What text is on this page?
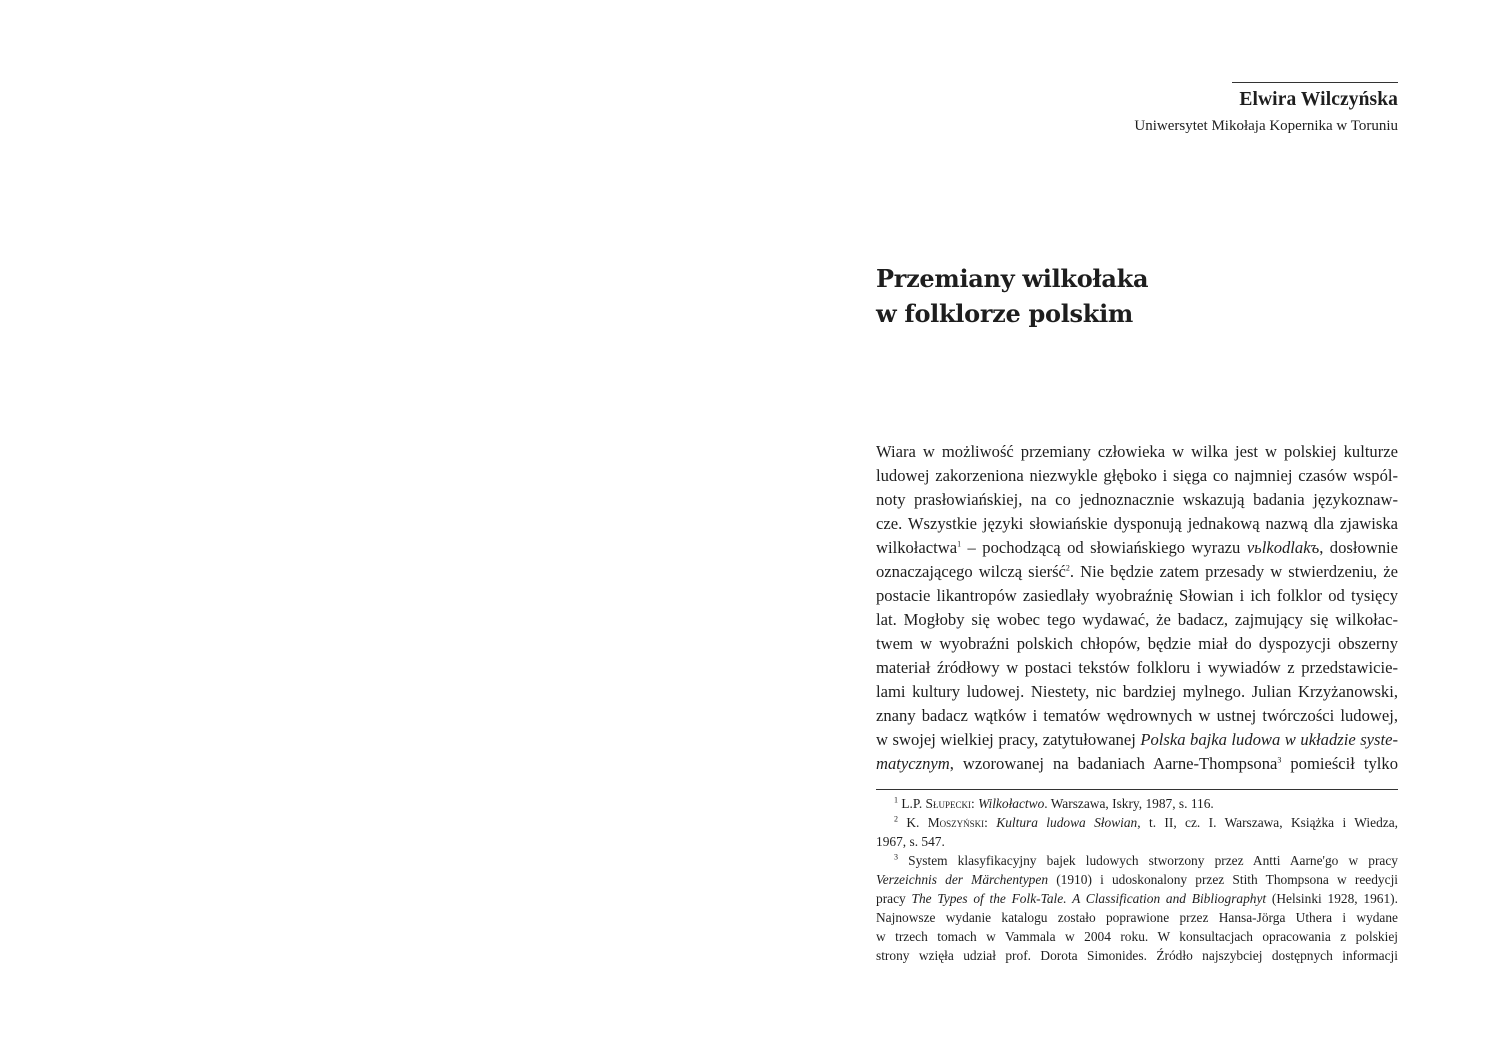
Elwira Wilczyńska
Uniwersytet Mikołaja Kopernika w Toruniu
Przemiany wilkołaka
w folklorze polskim
Wiara w możliwość przemiany człowieka w wilka jest w polskiej kulturze
ludowej zakorzeniona niezwykle głęboko i sięga co najmniej czasów wspól-
noty prasłowiańskiej, na co jednoznacznie wskazują badania językoznaw-
cze. Wszystkie języki słowiańskie dysponują jednakową nazwą dla zjawiska
wilkołactwa$^1$ – pochodzącą od słowiańskiego wyrazu vьlkodlakъ, dosłownie
oznaczającego wilczą sierść$^2$. Nie będzie zatem przesady w stwierdzeniu, że
postacie likantropów zasiedlały wyobraźnię Słowian i ich folklor od tysięcy
lat. Mogłoby się wobec tego wydawać, że badacz, zajmujący się wilkołac-
twem w wyobraźni polskich chłopów, będzie miał do dyspozycji obszerny
materiał źródłowy w postaci tekstów folkloru i wywiadów z przedstawicie-
lami kultury ludowej. Niestety, nic bardziej mylnego. Julian Krzyżanowski,
znany badacz wątków i tematów wędrownych w ustnej twórczości ludowej,
w swojej wielkiej pracy, zatytułowanej Polska bajka ludowa w układzie syste-
matycznym, wzorowanej na badaniach Aarne-Thompsona$^3$ pomieścił tylko
$^1$ L.P. Słupecki: Wilkołactwo. Warszawa, Iskry, 1987, s. 116.
$^2$ K. Moszyński: Kultura ludowa Słowian, t. II, cz. I. Warszawa, Książka i Wiedza,
1967, s. 547.
$^3$ System klasyfikacyjny bajek ludowych stworzony przez Antti Aarne'go w pracy
Verzeichnis der Märchentypen (1910) i udoskonalony przez Stith Thompsona w reedycji
pracy The Types of the Folk-Tale. A Classification and Bibliographyt (Helsinki 1928, 1961).
Najnowsze wydanie katalogu zostało poprawione przez Hansa-Jörga Uthera i wydane
w trzech tomach w Vammala w 2004 roku. W konsultacjach opracowania z polskiej
strony wzięła udział prof. Dorota Simonides. Źródło najszybciej dostępnych informacji
